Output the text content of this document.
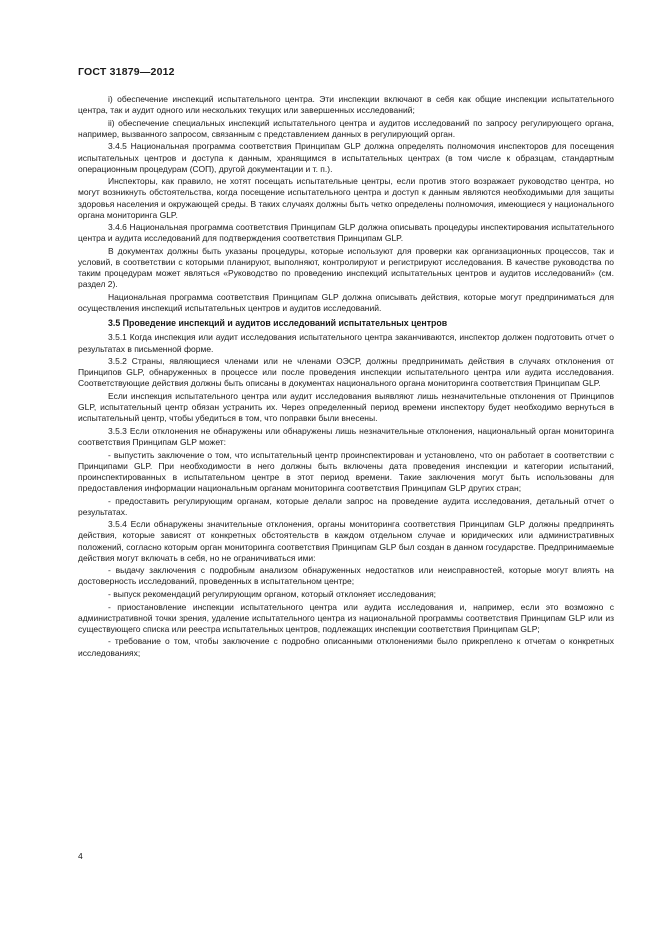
ГОСТ 31879—2012

i) обеспечение инспекций испытательного центра. Эти инспекции включают в себя как общие инспекции испытательного центра, так и аудит одного или нескольких текущих или завершенных исследований;

ii) обеспечение специальных инспекций испытательного центра и аудитов исследований по запросу регулирующего органа, например, вызванного запросом, связанным с представлением данных в регулирующий орган.

3.4.5 Национальная программа соответствия Принципам GLP должна определять полномочия инспекторов для посещения испытательных центров и доступа к данным, хранящимся в испытательных центрах (в том числе к образцам, стандартным операционным процедурам (СОП), другой документации и т. п.).

Инспекторы, как правило, не хотят посещать испытательные центры, если против этого возражает руководство центра, но могут возникнуть обстоятельства, когда посещение испытательного центра и доступ к данным являются необходимыми для защиты здоровья населения и окружающей среды. В таких случаях должны быть четко определены полномочия, имеющиеся у национального органа мониторинга GLP.

3.4.6 Национальная программа соответствия Принципам GLP должна описывать процедуры инспектирования испытательного центра и аудита исследований для подтверждения соответствия Принципам GLP.

В документах должны быть указаны процедуры, которые используют для проверки как организационных процессов, так и условий, в соответствии с которыми планируют, выполняют, контролируют и регистрируют исследования. В качестве руководства по таким процедурам может являться «Руководство по проведению инспекций испытательных центров и аудитов исследований» (см. раздел 2).

Национальная программа соответствия Принципам GLP должна описывать действия, которые могут предприниматься для осуществления инспекций испытательных центров и аудитов исследований.

3.5 Проведение инспекций и аудитов исследований испытательных центров

3.5.1 Когда инспекция или аудит исследования испытательного центра заканчиваются, инспектор должен подготовить отчет о результатах в письменной форме.

3.5.2 Страны, являющиеся членами или не членами ОЭСР, должны предпринимать действия в случаях отклонения от Принципов GLP, обнаруженных в процессе или после проведения инспекции испытательного центра или аудита исследования. Соответствующие действия должны быть описаны в документах национального органа мониторинга соответствия Принципам GLP.

Если инспекция испытательного центра или аудит исследования выявляют лишь незначительные отклонения от Принципов GLP, испытательный центр обязан устранить их. Через определенный период времени инспектору будет необходимо вернуться в испытательный центр, чтобы убедиться в том, что поправки были внесены.

3.5.3 Если отклонения не обнаружены или обнаружены лишь незначительные отклонения, национальный орган мониторинга соответствия Принципам GLP может:

- выпустить заключение о том, что испытательный центр проинспектирован и установлено, что он работает в соответствии с Принципами GLP. При необходимости в него должны быть включены дата проведения инспекции и категории испытаний, проинспектированных в испытательном центре в этот период времени. Такие заключения могут быть использованы для предоставления информации национальным органам мониторинга соответствия Принципам GLP других стран;

- предоставить регулирующим органам, которые делали запрос на проведение аудита исследования, детальный отчет о результатах.

3.5.4 Если обнаружены значительные отклонения, органы мониторинга соответствия Принципам GLP должны предпринять действия, которые зависят от конкретных обстоятельств в каждом отдельном случае и юридических или административных положений, согласно которым орган мониторинга соответствия Принципам GLP был создан в данном государстве. Предпринимаемые действия могут включать в себя, но не ограничиваться ими:

- выдачу заключения с подробным анализом обнаруженных недостатков или неисправностей, которые могут влиять на достоверность исследований, проведенных в испытательном центре;

- выпуск рекомендаций регулирующим органом, который отклоняет исследования;

- приостановление инспекции испытательного центра или аудита исследования и, например, если это возможно с административной точки зрения, удаление испытательного центра из национальной программы соответствия Принципам GLP или из существующего списка или реестра испытательных центров, подлежащих инспекции соответствия Принципам GLP;

- требование о том, чтобы заключение с подробно описанными отклонениями было прикреплено к отчетам о конкретных исследованиях;

4
